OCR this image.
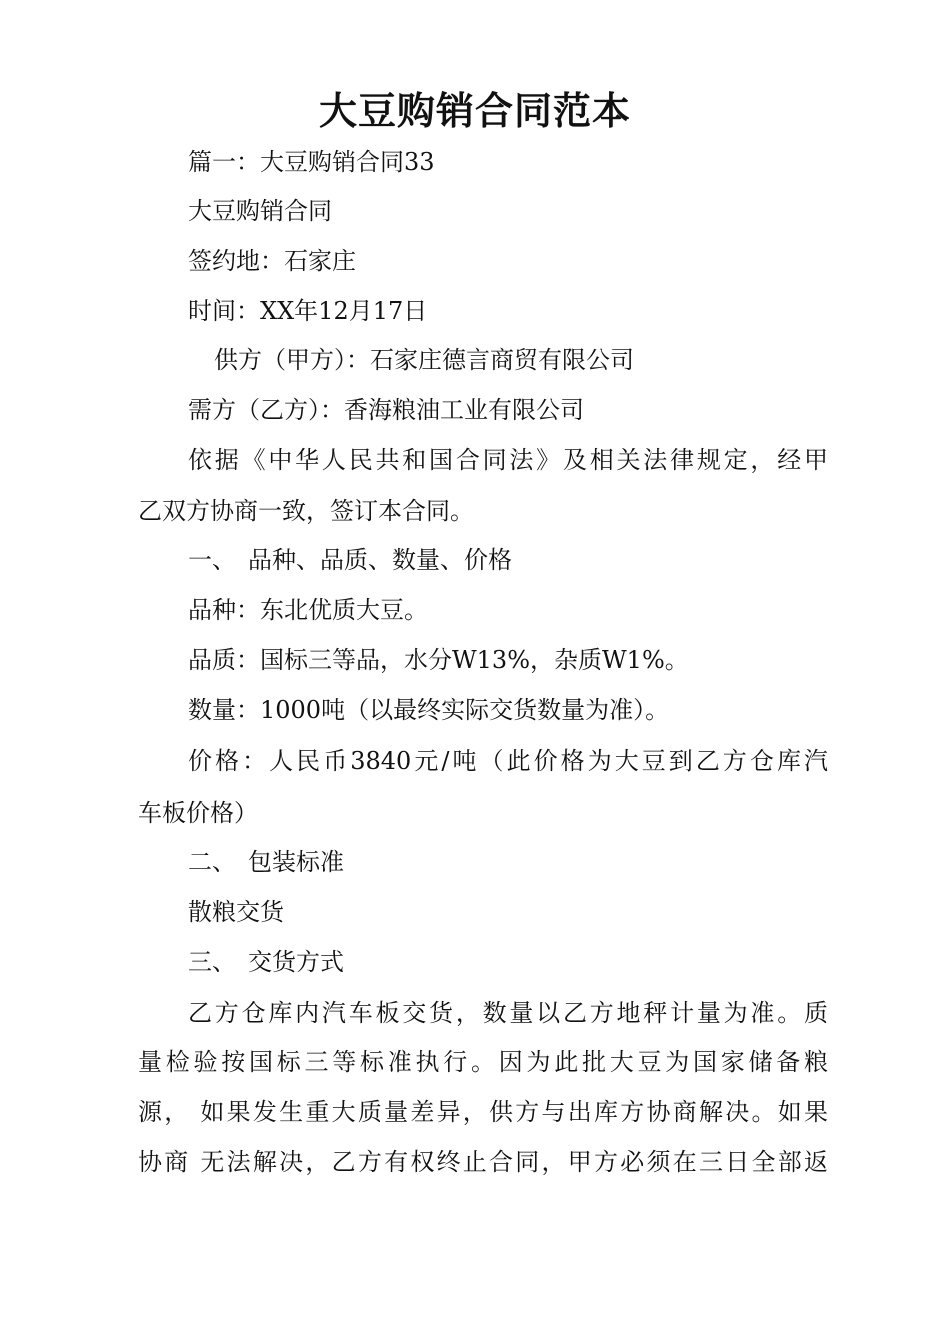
大豆购销合同范本

篇一：大豆购销合同33

大豆购销合同

签约地：石家庄

时间：XX年12月17日

供方（甲方）：石家庄德言商贸有限公司

需方（乙方）：香海粮油工业有限公司

依据《中华人民共和国合同法》及相关法律规定，经甲

乙双方协商一致，签订本合同。

一、　品种、品质、数量、价格

品种：东北优质大豆。

品质：国标三等品，水分W13%，杂质W1%。

数量：1000吨（以最终实际交货数量为准）。

价格：人民币3840元/吨（此价格为大豆到乙方仓库汽

车板价格）

二、　包装标准

散粮交货

三、　交货方式

乙方仓库内汽车板交货，数量以乙方地秤计量为准。质

量检验按国标三等标准执行。因为此批大豆为国家储备粮

源， 如果发生重大质量差异，供方与出库方协商解决。如果

协商 无法解决，乙方有权终止合同，甲方必须在三日全部返
